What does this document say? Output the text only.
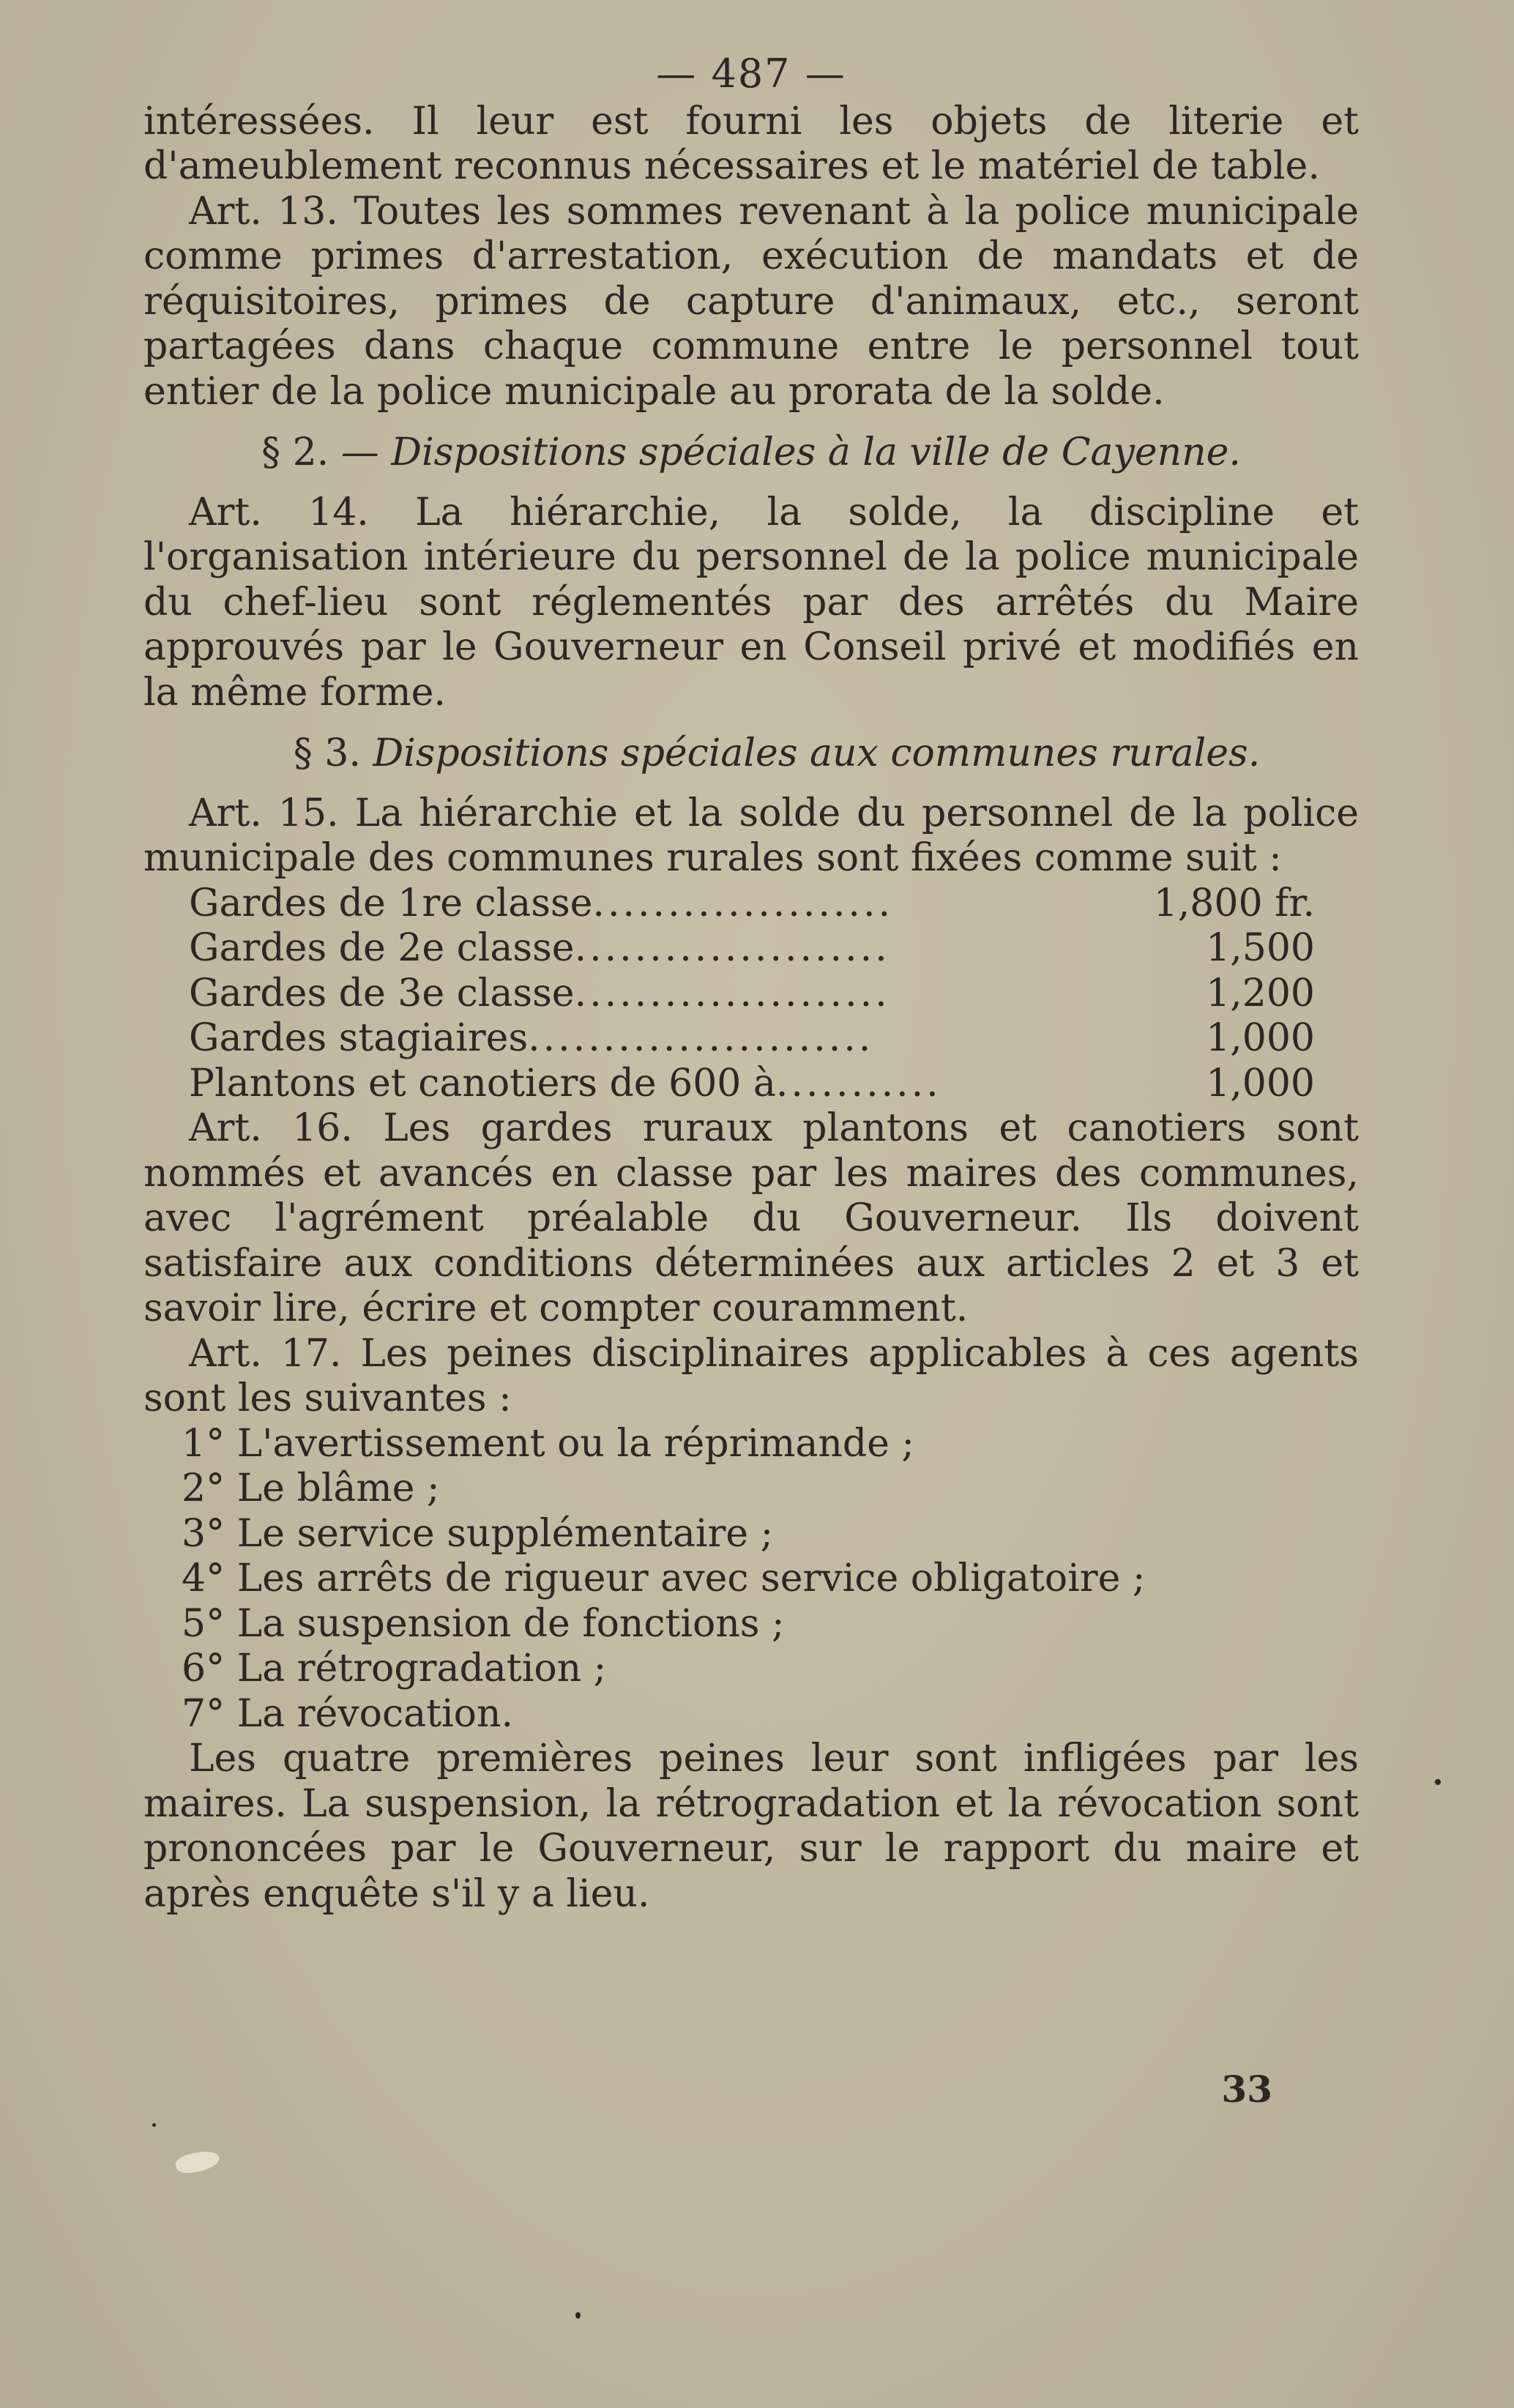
— 487 —

intéressées. Il leur est fourni les objets de literie et d'ameublement reconnus nécessaires et le matériel de table.

Art. 13. Toutes les sommes revenant à la police municipale comme primes d'arrestation, exécution de mandats et de réquisitoires, primes de capture d'animaux, etc., seront partagées dans chaque commune entre le personnel tout entier de la police municipale au prorata de la solde.

§ 2. — Dispositions spéciales à la ville de Cayenne.

Art. 14. La hiérarchie, la solde, la discipline et l'organisation intérieure du personnel de la police municipale du chef-lieu sont réglementés par des arrêtés du Maire approuvés par le Gouverneur en Conseil privé et modifiés en la même forme.

§ 3. Dispositions spéciales aux communes rurales.

Art. 15. La hiérarchie et la solde du personnel de la police municipale des communes rurales sont fixées comme suit :

Gardes de 1re classe....................	1,800 fr.
Gardes de 2e classe.....................	1,500
Gardes de 3e classe.....................	1,200
Gardes stagiaires.......................	1,000
Plantons et canotiers de 600 à...........	1,000

Art. 16. Les gardes ruraux plantons et canotiers sont nommés et avancés en classe par les maires des communes, avec l'agrément préalable du Gouverneur. Ils doivent satisfaire aux conditions déterminées aux articles 2 et 3 et savoir lire, écrire et compter couramment.

Art. 17. Les peines disciplinaires applicables à ces agents sont les suivantes :

1° L'avertissement ou la réprimande ;
2° Le blâme ;
3° Le service supplémentaire ;
4° Les arrêts de rigueur avec service obligatoire ;
5° La suspension de fonctions ;
6° La rétrogradation ;
7° La révocation.

Les quatre premières peines leur sont infligées par les maires. La suspension, la rétrogradation et la révocation sont prononcées par le Gouverneur, sur le rapport du maire et après enquête s'il y a lieu.

33
